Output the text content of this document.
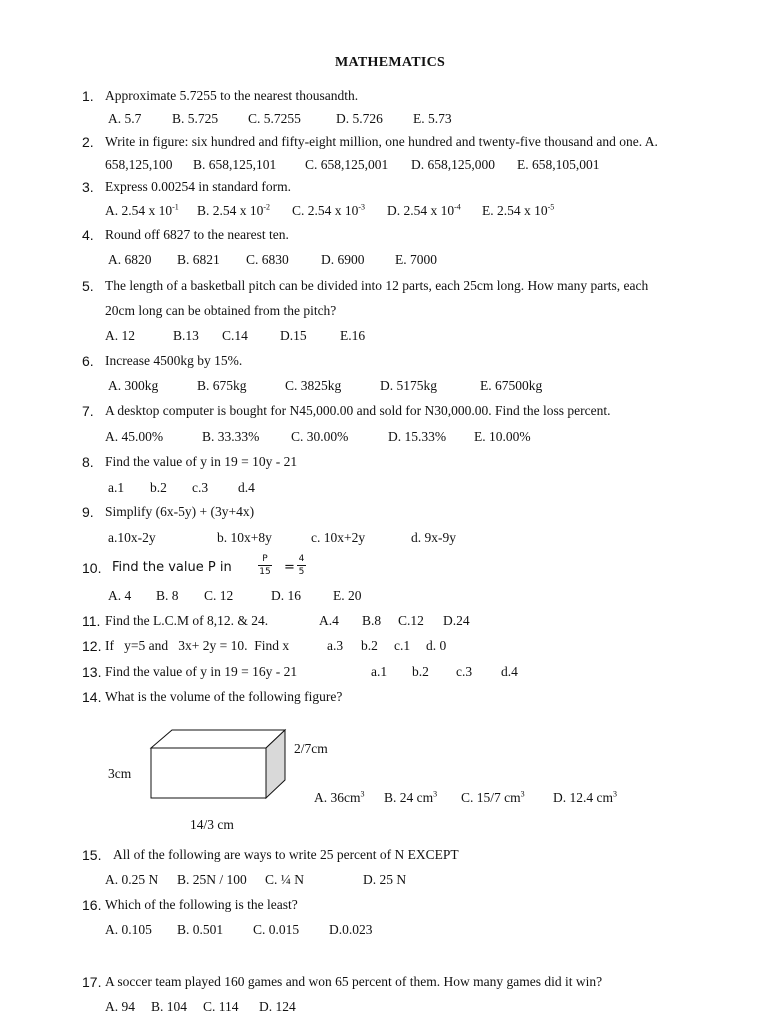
MATHEMATICS
1. Approximate 5.7255 to the nearest thousandth.
A. 5.7 B. 5.725 C. 5.7255	D. 5.726 E. 5.73
2. Write in figure: six hundred and fifty-eight million, one hundred and twenty-five thousand and one. A.
658,125,100 B. 658,125,101 C. 658,125,001 D. 658,125,000 E. 658,105,001
3. Express 0.00254 in standard form.
A. 2.54 x $10^{-1}$ B. 2.54 x $10^{-2}$ C. 2.54 x $10^{-3}$ D. 2.54 x $10^{-4}$ E. 2.54 x $10^{-5}$
4. Round off 6827 to the nearest ten.
A. 6820 B. 6821 C. 6830 D. 6900 E. 7000
5. The length of a basketball pitch can be divided into 12 parts, each 25cm long. How many parts, each
20cm long can be obtained from the pitch?
A. 12	B.13 C.14 D.15 E.16
6. Increase 4500kg by 15%.
A. 300kg	B. 675kg	C. 3825kg	D. 5175kg	E. 67500kg
7. A desktop computer is bought for N45,000.00 and sold for N30,000.00. Find the loss percent.
A. 45.00%	B. 33.33% C. 30.00%	D. 15.33% E. 10.00%
8. Find the value of y in 19 = 10y - 21
a.1 b.2 c.3 d.4
9. Simplify (6x-5y) + (3y+4x)
a.10x-2y	b. 10x+8y	c. 10x+2y	d. 9x-9y
10. Find the value P in
P
15 =
4
5
A. 4 B. 8 C. 12	D. 16 E. 20
11. Find the L.C.M of 8,12. & 24.	A.4 B.8 C.12 D.24
12. If   y=5 and   3x+ 2y = 10.  Find x	a.3 b.2 c.1 d. 0
13. Find the value of y in 19 = 16y - 21	a.1 b.2 c.3 d.4
14. What is the volume of the following figure?
3cm
2/7cm
14/3 cm
A. $36cm^3$ B. 24 $cm^3$ C. 15/7 $cm^3$ D. 12.4 $cm^3$
15. All of the following are ways to write 25 percent of N EXCEPT
A. 0.25 N B. 25N / 100 C. ¼ N	D. 25 N
16. Which of the following is the least?
A. 0.105 B. 0.501 C. 0.015 D.0.023
17. A soccer team played 160 games and won 65 percent of them. How many games did it win?
A. 94 B. 104 C. 114 D. 124
